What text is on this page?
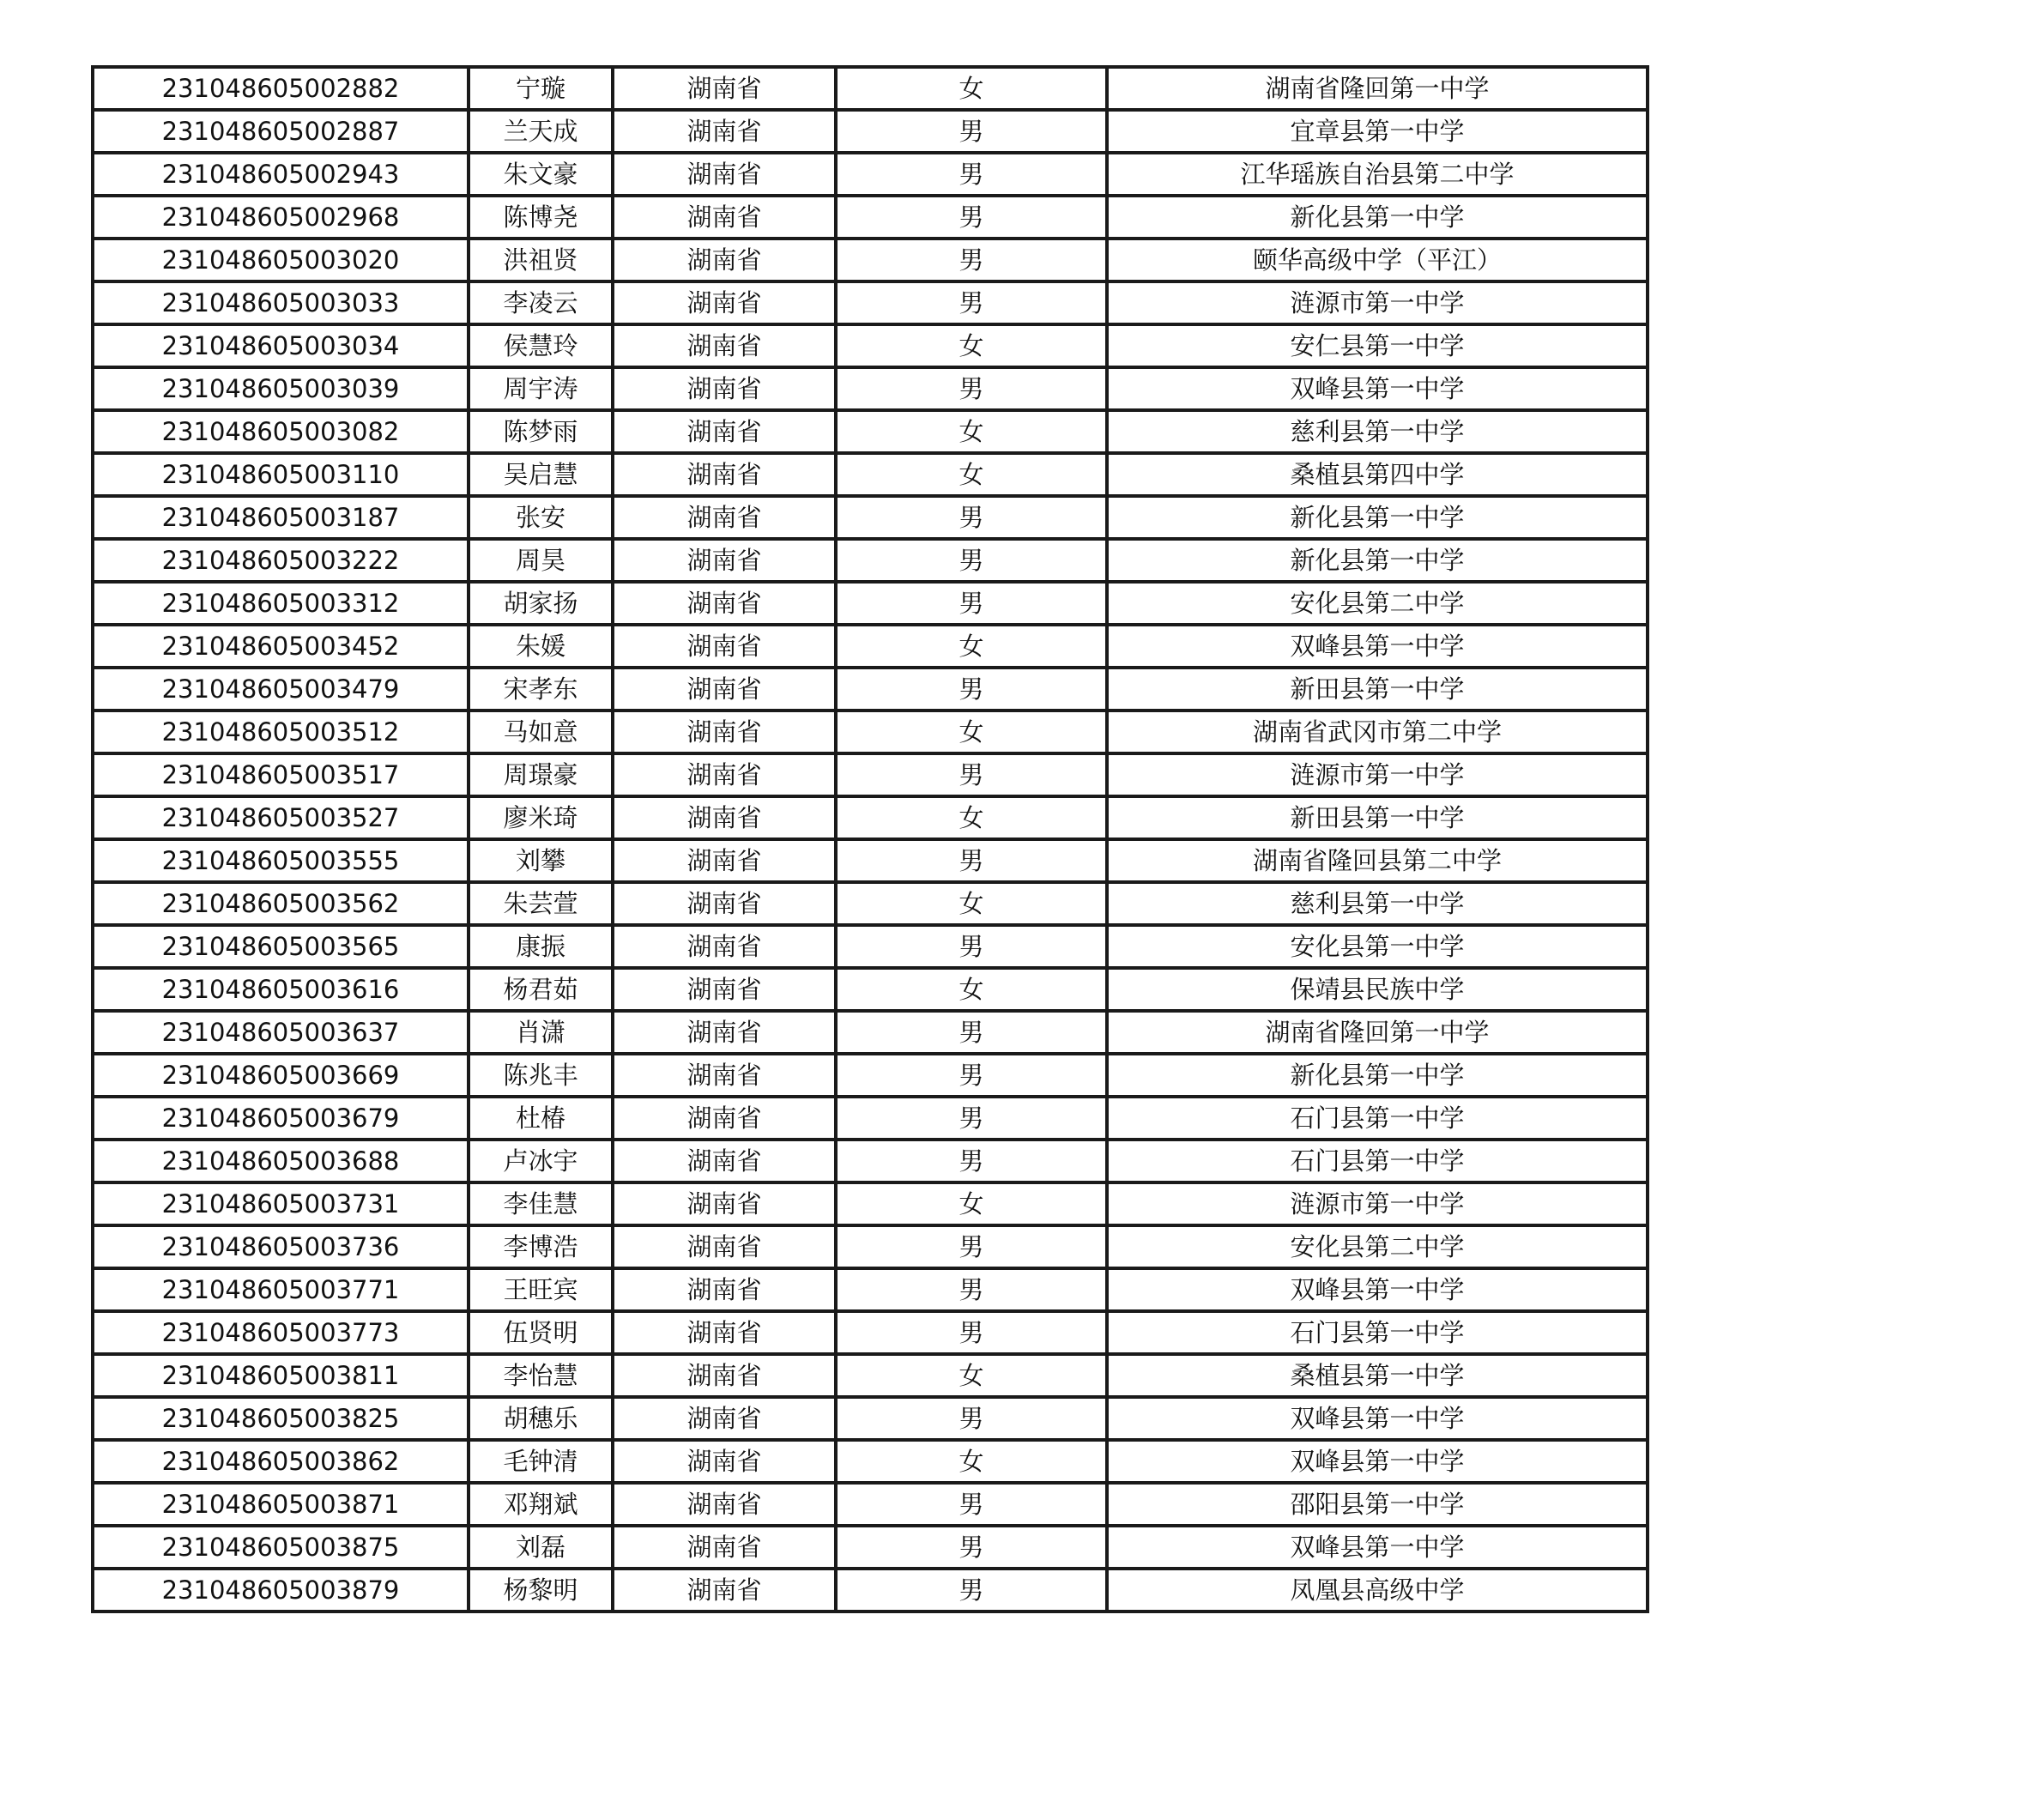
231048605002882	宁璇	湖南省	女	湖南省隆回第一中学
231048605002887	兰天成	湖南省	男	宜章县第一中学
231048605002943	朱文豪	湖南省	男	江华瑶族自治县第二中学
231048605002968	陈博尧	湖南省	男	新化县第一中学
231048605003020	洪祖贤	湖南省	男	颐华高级中学（平江）
231048605003033	李凌云	湖南省	男	涟源市第一中学
231048605003034	侯慧玲	湖南省	女	安仁县第一中学
231048605003039	周宇涛	湖南省	男	双峰县第一中学
231048605003082	陈梦雨	湖南省	女	慈利县第一中学
231048605003110	吴启慧	湖南省	女	桑植县第四中学
231048605003187	张安	湖南省	男	新化县第一中学
231048605003222	周昊	湖南省	男	新化县第一中学
231048605003312	胡家扬	湖南省	男	安化县第二中学
231048605003452	朱媛	湖南省	女	双峰县第一中学
231048605003479	宋孝东	湖南省	男	新田县第一中学
231048605003512	马如意	湖南省	女	湖南省武冈市第二中学
231048605003517	周璟豪	湖南省	男	涟源市第一中学
231048605003527	廖米琦	湖南省	女	新田县第一中学
231048605003555	刘攀	湖南省	男	湖南省隆回县第二中学
231048605003562	朱芸萱	湖南省	女	慈利县第一中学
231048605003565	康振	湖南省	男	安化县第一中学
231048605003616	杨君茹	湖南省	女	保靖县民族中学
231048605003637	肖潇	湖南省	男	湖南省隆回第一中学
231048605003669	陈兆丰	湖南省	男	新化县第一中学
231048605003679	杜椿	湖南省	男	石门县第一中学
231048605003688	卢冰宇	湖南省	男	石门县第一中学
231048605003731	李佳慧	湖南省	女	涟源市第一中学
231048605003736	李博浩	湖南省	男	安化县第二中学
231048605003771	王旺宾	湖南省	男	双峰县第一中学
231048605003773	伍贤明	湖南省	男	石门县第一中学
231048605003811	李怡慧	湖南省	女	桑植县第一中学
231048605003825	胡穗乐	湖南省	男	双峰县第一中学
231048605003862	毛钟清	湖南省	女	双峰县第一中学
231048605003871	邓翔斌	湖南省	男	邵阳县第一中学
231048605003875	刘磊	湖南省	男	双峰县第一中学
231048605003879	杨黎明	湖南省	男	凤凰县高级中学
